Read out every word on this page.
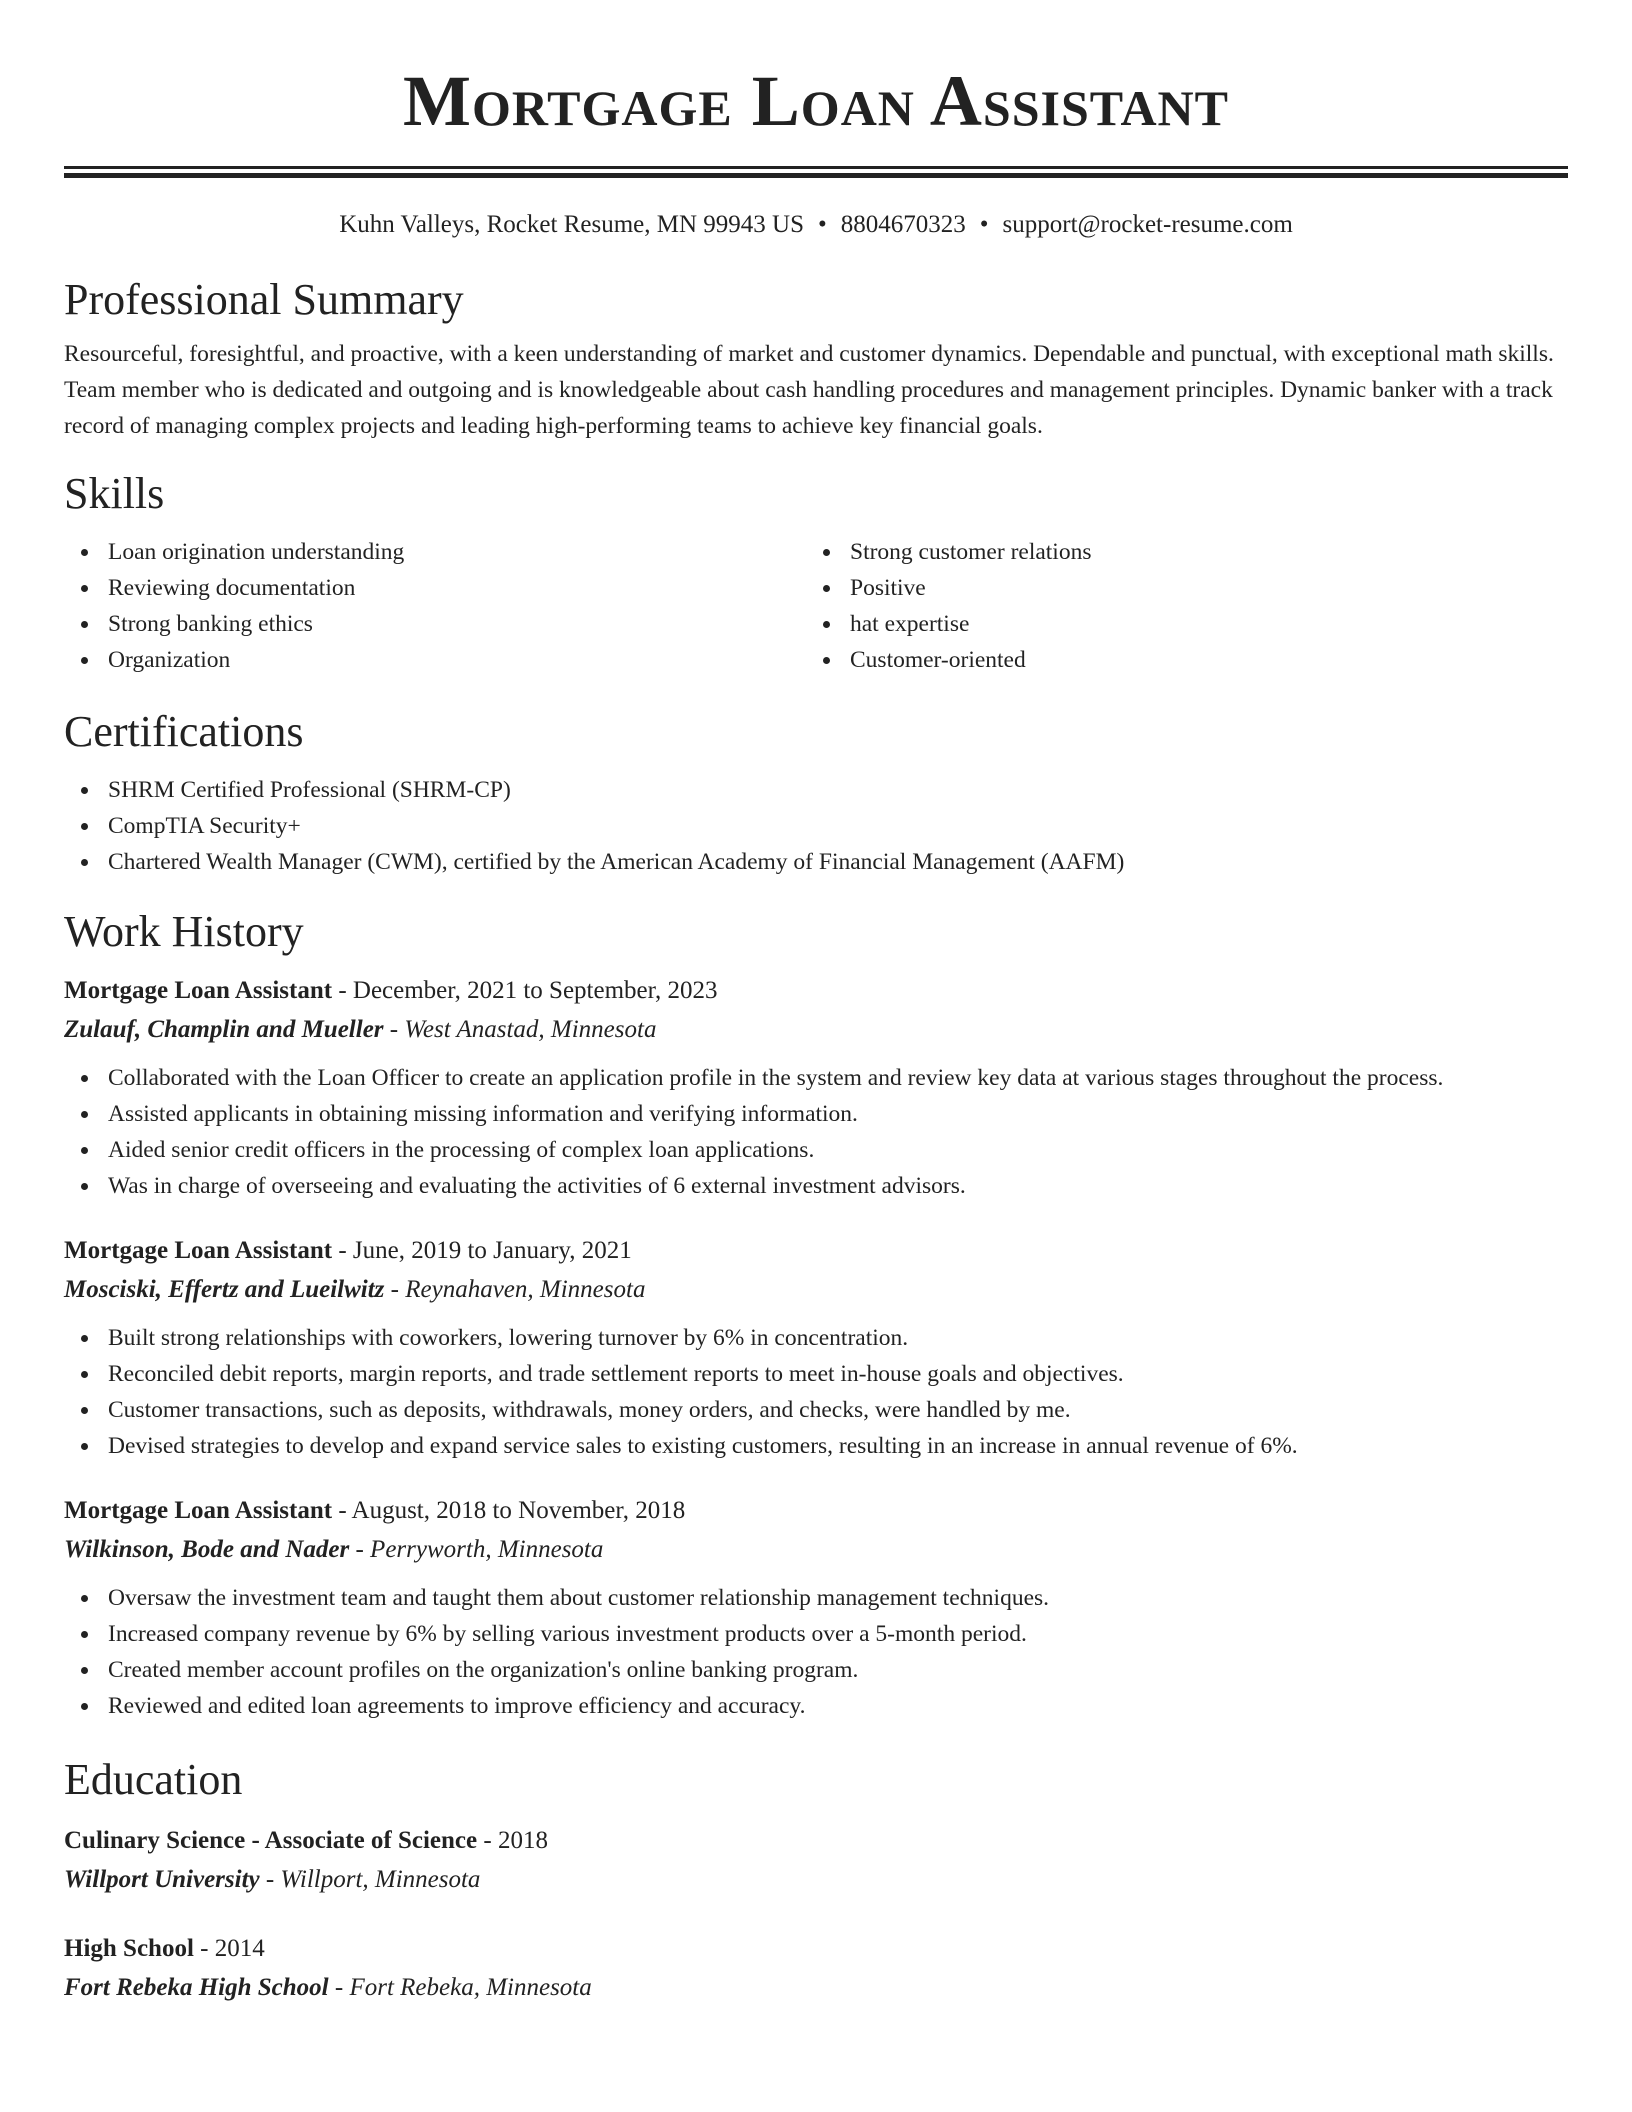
Mortgage Loan Assistant
Kuhn Valleys, Rocket Resume, MN 99943 US • 8804670323 • support@rocket-resume.com
Professional Summary

Resourceful, foresightful, and proactive, with a keen understanding of market and customer dynamics. Dependable and punctual, with exceptional math skills. Team member who is dedicated and outgoing and is knowledgeable about cash handling procedures and management principles. Dynamic banker with a track record of managing complex projects and leading high-performing teams to achieve key financial goals.

Skills
Loan origination understanding
Reviewing documentation
Strong banking ethics
Organization
Strong customer relations
Positive
hat expertise
Customer-oriented
Certifications
SHRM Certified Professional (SHRM-CP)
CompTIA Security+
Chartered Wealth Manager (CWM), certified by the American Academy of Financial Management (AAFM)
Work History
Mortgage Loan Assistant - December, 2021 to September, 2023
Zulauf, Champlin and Mueller - West Anastad, Minnesota
Collaborated with the Loan Officer to create an application profile in the system and review key data at various stages throughout the process.
Assisted applicants in obtaining missing information and verifying information.
Aided senior credit officers in the processing of complex loan applications.
Was in charge of overseeing and evaluating the activities of 6 external investment advisors.
Mortgage Loan Assistant - June, 2019 to January, 2021
Mosciski, Effertz and Lueilwitz - Reynahaven, Minnesota
Built strong relationships with coworkers, lowering turnover by 6% in concentration.
Reconciled debit reports, margin reports, and trade settlement reports to meet in-house goals and objectives.
Customer transactions, such as deposits, withdrawals, money orders, and checks, were handled by me.
Devised strategies to develop and expand service sales to existing customers, resulting in an increase in annual revenue of 6%.
Mortgage Loan Assistant - August, 2018 to November, 2018
Wilkinson, Bode and Nader - Perryworth, Minnesota
Oversaw the investment team and taught them about customer relationship management techniques.
Increased company revenue by 6% by selling various investment products over a 5-month period.
Created member account profiles on the organization's online banking program.
Reviewed and edited loan agreements to improve efficiency and accuracy.
Education
Culinary Science - Associate of Science - 2018
Willport University - Willport, Minnesota
High School - 2014
Fort Rebeka High School - Fort Rebeka, Minnesota
